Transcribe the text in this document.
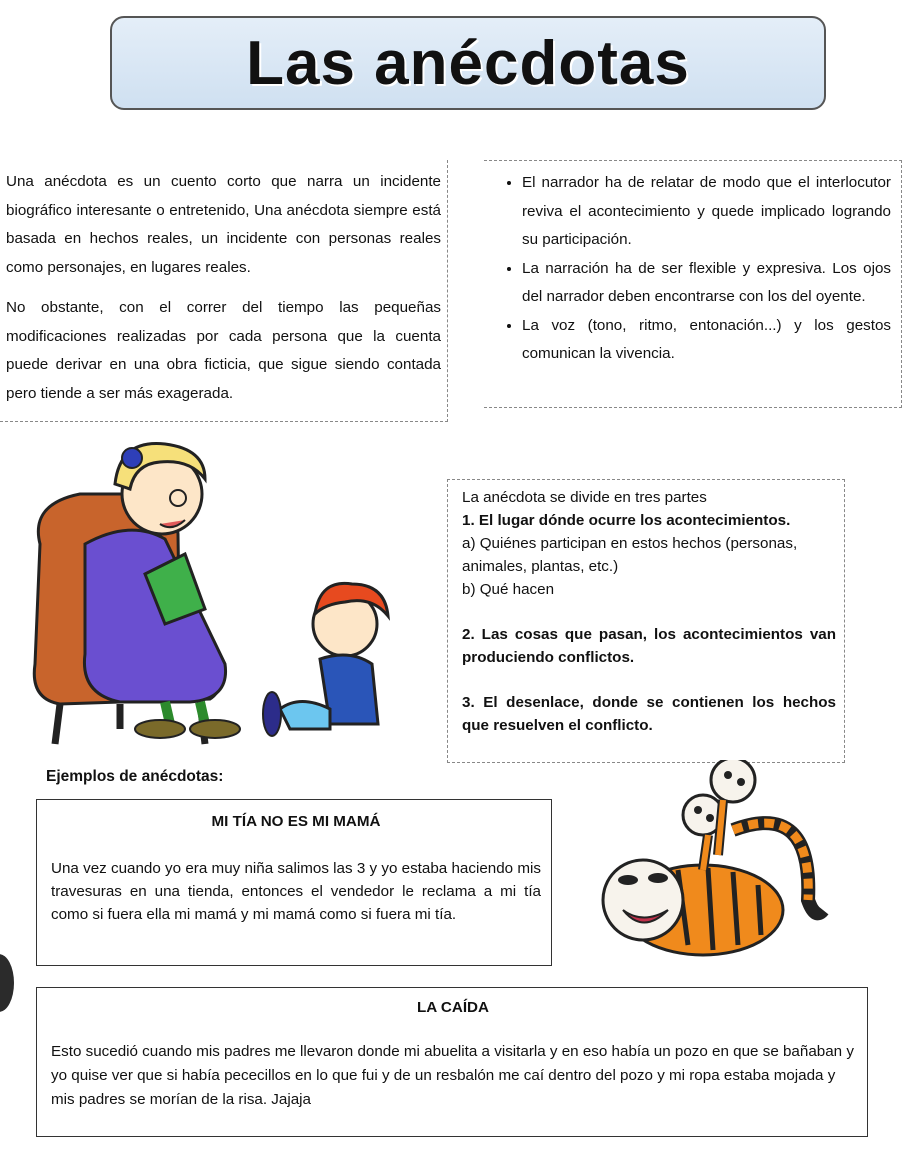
Las anécdotas

Una anécdota es un cuento corto que narra un incidente biográfico interesante o entretenido, Una anécdota siempre está basada en hechos reales, un incidente con personas reales como personajes, en lugares reales.

No obstante, con el correr del tiempo las pequeñas modificaciones realizadas por cada persona que la cuenta puede derivar en una obra ficticia, que sigue siendo contada pero tiende a ser más exagerada.

• El narrador ha de relatar de modo que el interlocutor reviva el acontecimiento y quede implicado logrando su participación.
• La narración ha de ser flexible y expresiva. Los ojos del narrador deben encontrarse con los del oyente.
• La voz (tono, ritmo, entonación...) y los gestos comunican la vivencia.

La anécdota se divide en tres partes

1. El lugar dónde ocurre los acontecimientos.

a) Quiénes participan en estos hechos (personas, animales, plantas, etc.)

b) Qué hacen

2. Las cosas que pasan, los acontecimientos van produciendo conflictos.

3. El desenlace, donde se contienen los hechos que resuelven el conflicto.

Ejemplos de anécdotas:

MI TÍA NO ES MI MAMÁ

Una vez cuando yo era muy niña salimos las 3 y yo estaba haciendo mis travesuras en una tienda, entonces el vendedor le reclama a mi tía como si fuera ella mi mamá y mi mamá como si fuera mi tía.

LA CAÍDA

Esto sucedió cuando mis padres me llevaron donde mi abuelita a visitarla y en eso había un pozo en que se bañaban y yo quise ver que si había pececillos en lo que fui y de un resbalón me caí dentro del pozo y mi ropa estaba mojada y mis padres se morían de la risa. Jajaja
